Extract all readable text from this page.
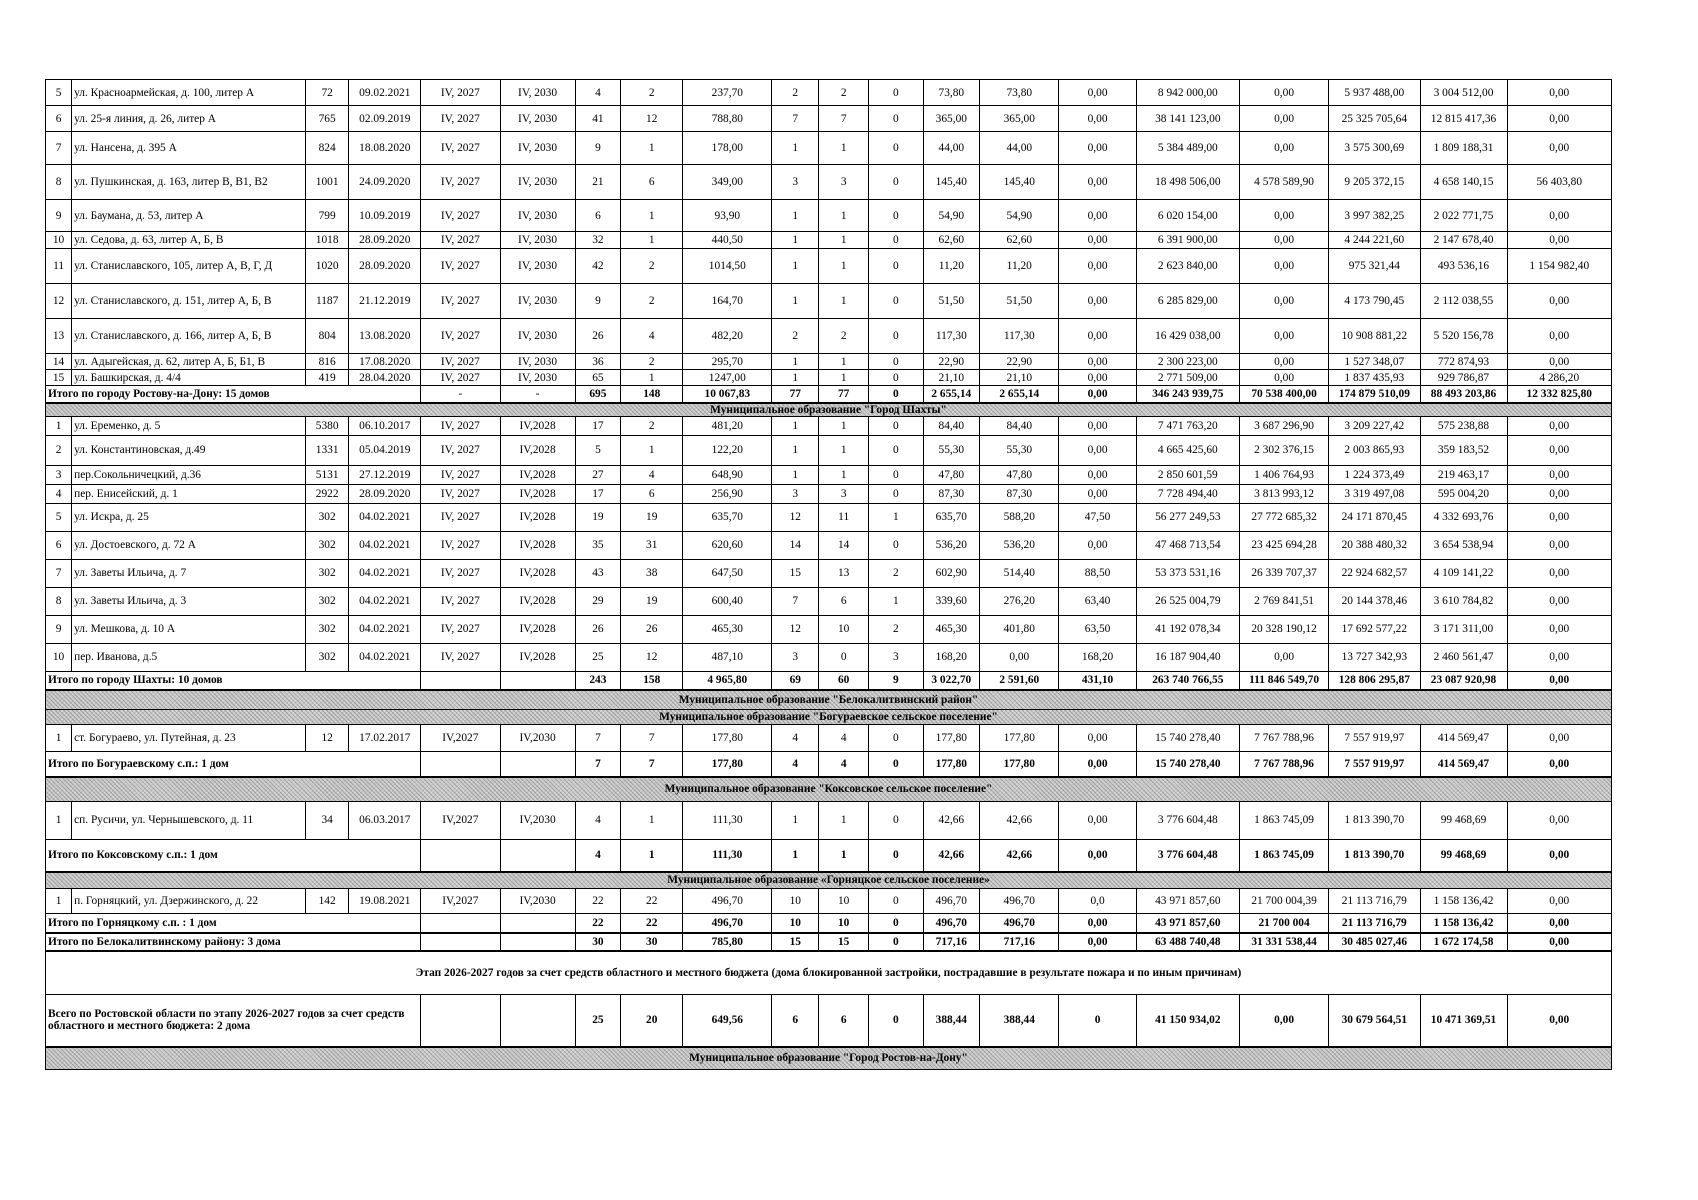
5	ул. Красноармейская, д. 100, литер А	72	09.02.2021	IV, 2027	IV, 2030	4	2	237,70	2	2	0	73,80	73,80	0,00	8 942 000,00	0,00	5 937 488,00	3 004 512,00	0,00
6	ул. 25-я линия, д. 26, литер А	765	02.09.2019	IV, 2027	IV, 2030	41	12	788,80	7	7	0	365,00	365,00	0,00	38 141 123,00	0,00	25 325 705,64	12 815 417,36	0,00
7	ул. Нансена, д. 395 А	824	18.08.2020	IV, 2027	IV, 2030	9	1	178,00	1	1	0	44,00	44,00	0,00	5 384 489,00	0,00	3 575 300,69	1 809 188,31	0,00
8	ул. Пушкинская, д. 163, литер В, В1, В2	1001	24.09.2020	IV, 2027	IV, 2030	21	6	349,00	3	3	0	145,40	145,40	0,00	18 498 506,00	4 578 589,90	9 205 372,15	4 658 140,15	56 403,80
9	ул. Баумана, д. 53, литер А	799	10.09.2019	IV, 2027	IV, 2030	6	1	93,90	1	1	0	54,90	54,90	0,00	6 020 154,00	0,00	3 997 382,25	2 022 771,75	0,00
10	ул. Седова, д. 63, литер А, Б, В	1018	28.09.2020	IV, 2027	IV, 2030	32	1	440,50	1	1	0	62,60	62,60	0,00	6 391 900,00	0,00	4 244 221,60	2 147 678,40	0,00
11	ул. Станиславского, 105, литер А, В, Г, Д	1020	28.09.2020	IV, 2027	IV, 2030	42	2	1014,50	1	1	0	11,20	11,20	0,00	2 623 840,00	0,00	975 321,44	493 536,16	1 154 982,40
12	ул. Станиславского, д. 151, литер А, Б, В	1187	21.12.2019	IV, 2027	IV, 2030	9	2	164,70	1	1	0	51,50	51,50	0,00	6 285 829,00	0,00	4 173 790,45	2 112 038,55	0,00
13	ул. Станиславского, д. 166, литер А, Б, В	804	13.08.2020	IV, 2027	IV, 2030	26	4	482,20	2	2	0	117,30	117,30	0,00	16 429 038,00	0,00	10 908 881,22	5 520 156,78	0,00
14	ул. Адыгейская, д. 62, литер А, Б, Б1, В	816	17.08.2020	IV, 2027	IV, 2030	36	2	295,70	1	1	0	22,90	22,90	0,00	2 300 223,00	0,00	1 527 348,07	772 874,93	0,00
15	ул. Башкирская, д. 4/4	419	28.04.2020	IV, 2027	IV, 2030	65	1	1247,00	1	1	0	21,10	21,10	0,00	2 771 509,00	0,00	1 837 435,93	929 786,87	4 286,20
Итого по городу Ростову-на-Дону: 15 домов				-	-	695	148	10 067,83	77	77	0	2 655,14	2 655,14	0,00	346 243 939,75	70 538 400,00	174 879 510,09	88 493 203,86	12 332 825,80
Муниципальное образование "Город Шахты"																			
1	ул. Еременко, д. 5	5380	06.10.2017	IV, 2027	IV,2028	17	2	481,20	1	1	0	84,40	84,40	0,00	7 471 763,20	3 687 296,90	3 209 227,42	575 238,88	0,00
2	ул. Константиновская, д.49	1331	05.04.2019	IV, 2027	IV,2028	5	1	122,20	1	1	0	55,30	55,30	0,00	4 665 425,60	2 302 376,15	2 003 865,93	359 183,52	0,00
3	пер.Сокольничецкий, д.36	5131	27.12.2019	IV, 2027	IV,2028	27	4	648,90	1	1	0	47,80	47,80	0,00	2 850 601,59	1 406 764,93	1 224 373,49	219 463,17	0,00
4	пер. Енисейский, д. 1	2922	28.09.2020	IV, 2027	IV,2028	17	6	256,90	3	3	0	87,30	87,30	0,00	7 728 494,40	3 813 993,12	3 319 497,08	595 004,20	0,00
5	ул. Искра, д. 25	302	04.02.2021	IV, 2027	IV,2028	19	19	635,70	12	11	1	635,70	588,20	47,50	56 277 249,53	27 772 685,32	24 171 870,45	4 332 693,76	0,00
6	ул. Достоевского, д. 72 А	302	04.02.2021	IV, 2027	IV,2028	35	31	620,60	14	14	0	536,20	536,20	0,00	47 468 713,54	23 425 694,28	20 388 480,32	3 654 538,94	0,00
7	ул. Заветы Ильича, д. 7	302	04.02.2021	IV, 2027	IV,2028	43	38	647,50	15	13	2	602,90	514,40	88,50	53 373 531,16	26 339 707,37	22 924 682,57	4 109 141,22	0,00
8	ул. Заветы Ильича, д. 3	302	04.02.2021	IV, 2027	IV,2028	29	19	600,40	7	6	1	339,60	276,20	63,40	26 525 004,79	2 769 841,51	20 144 378,46	3 610 784,82	0,00
9	ул. Мешкова, д. 10 А	302	04.02.2021	IV, 2027	IV,2028	26	26	465,30	12	10	2	465,30	401,80	63,50	41 192 078,34	20 328 190,12	17 692 577,22	3 171 311,00	0,00
10	пер. Иванова, д.5	302	04.02.2021	IV, 2027	IV,2028	25	12	487,10	3	0	3	168,20	0,00	168,20	16 187 904,40	0,00	13 727 342,93	2 460 561,47	0,00
Итого по городу Шахты: 10 домов						243	158	4 965,80	69	60	9	3 022,70	2 591,60	431,10	263 740 766,55	111 846 549,70	128 806 295,87	23 087 920,98	0,00
Муниципальное образование "Белокалитвинский район"																			
Муниципальное образование "Богураевское сельское поселение"																			
1	ст. Богураево, ул. Путейная, д. 23	12	17.02.2017	IV,2027	IV,2030	7	7	177,80	4	4	0	177,80	177,80	0,00	15 740 278,40	7 767 788,96	7 557 919,97	414 569,47	0,00
Итого по Богураевскому с.п.: 1 дом						7	7	177,80	4	4	0	177,80	177,80	0,00	15 740 278,40	7 767 788,96	7 557 919,97	414 569,47	0,00
Муниципальное образование "Коксовское сельское поселение"																			
1	сп. Русичи, ул. Чернышевского, д. 11	34	06.03.2017	IV,2027	IV,2030	4	1	111,30	1	1	0	42,66	42,66	0,00	3 776 604,48	1 863 745,09	1 813 390,70	99 468,69	0,00
Итого по Коксовскому с.п.: 1 дом						4	1	111,30	1	1	0	42,66	42,66	0,00	3 776 604,48	1 863 745,09	1 813 390,70	99 468,69	0,00
Муниципальное образование «Горняцкое сельское поселение»																			
1	п. Горняцкий, ул. Дзержинского, д. 22	142	19.08.2021	IV,2027	IV,2030	22	22	496,70	10	10	0	496,70	496,70	0,0	43 971 857,60	21 700 004,39	21 113 716,79	1 158 136,42	0,00
Итого по Горняцкому с.п. : 1 дом						22	22	496,70	10	10	0	496,70	496,70	0,00	43 971 857,60	21 700 004	21 113 716,79	1 158 136,42	0,00
Итого по Белокалитвинскому району: 3 дома						30	30	785,80	15	15	0	717,16	717,16	0,00	63 488 740,48	31 331 538,44	30 485 027,46	1 672 174,58	0,00
Этап 2026-2027 годов за счет средств областного и местного бюджета (дома блокированной застройки, пострадавшие в результате пожара и по иным причинам)																			
Всего по Ростовской области по этапу 2026-2027 годов за счет средств областного и местного бюджета: 2 дома						25	20	649,56	6	6	0	388,44	388,44	0	41 150 934,02	0,00	30 679 564,51	10 471 369,51	0,00
Муниципальное образование "Город Ростов-на-Дону"																			
